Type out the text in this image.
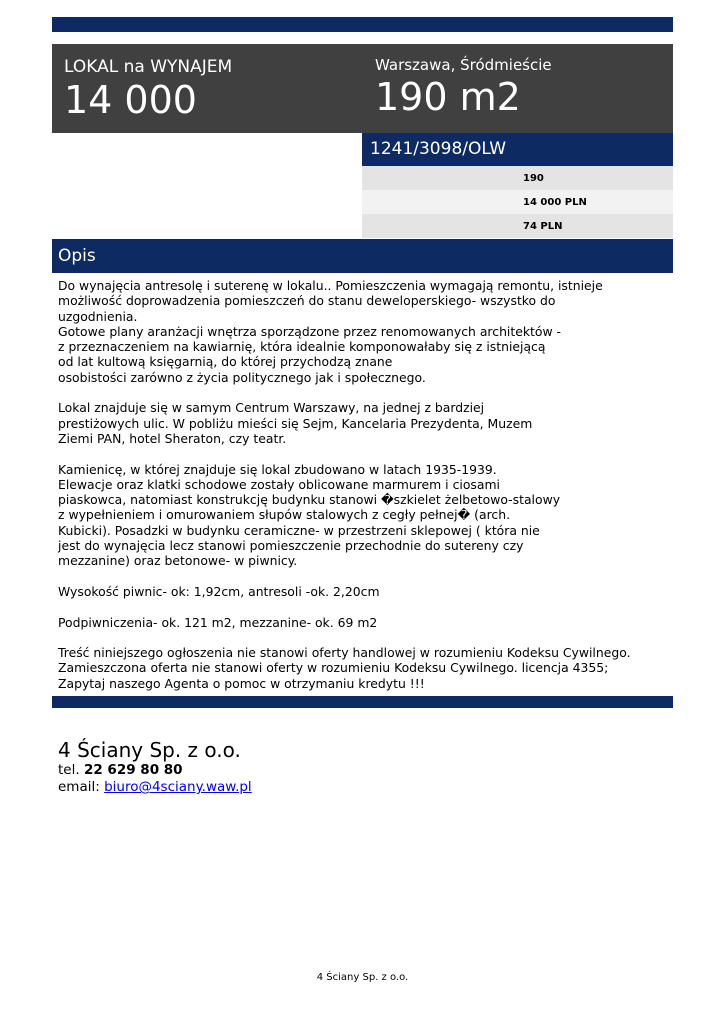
LOKAL na WYNAJEM
14 000
Warszawa, Śródmieście
190 m2
1241/3098/OLW
190
14 000 PLN
74 PLN
Opis
Do wynajęcia antresolę i suterenę w lokalu.. Pomieszczenia wymagają remontu, istnieje
możliwość doprowadzenia pomieszczeń do stanu deweloperskiego- wszystko do
uzgodnienia.
Gotowe plany aranżacji wnętrza sporządzone przez renomowanych architektów -
z przeznaczeniem na kawiarnię, która idealnie komponowałaby się z istniejącą
od lat kultową księgarnią, do której przychodzą znane
osobistości zarówno z życia politycznego jak i społecznego.

Lokal znajduje się w samym Centrum Warszawy, na jednej z bardziej
prestiżowych ulic. W pobliżu mieści się Sejm, Kancelaria Prezydenta, Muzem
Ziemi PAN, hotel Sheraton, czy teatr.

Kamienicę, w której znajduje się lokal zbudowano w latach 1935-1939.
Elewacje oraz klatki schodowe zostały oblicowane marmurem i ciosami
piaskowca, natomiast konstrukcję budynku stanowi �szkielet żelbetowo-stalowy
z wypełnieniem i omurowaniem słupów stalowych z cegły pełnej� (arch.
Kubicki). Posadzki w budynku ceramiczne- w przestrzeni sklepowej ( która nie
jest do wynajęcia lecz stanowi pomieszczenie przechodnie do sutereny czy
mezzanine) oraz betonowe- w piwnicy.

Wysokość piwnic- ok: 1,92cm, antresoli -ok. 2,20cm

Podpiwniczenia- ok. 121 m2, mezzanine- ok. 69 m2

Treść niniejszego ogłoszenia nie stanowi oferty handlowej w rozumieniu Kodeksu Cywilnego.
Zamieszczona oferta nie stanowi oferty w rozumieniu Kodeksu Cywilnego. licencja 4355;
Zapytaj naszego Agenta o pomoc w otrzymaniu kredytu !!!
4 Ściany Sp. z o.o.
tel. 22 629 80 80
email: biuro@4sciany.waw.pl
4 Ściany Sp. z o.o.
